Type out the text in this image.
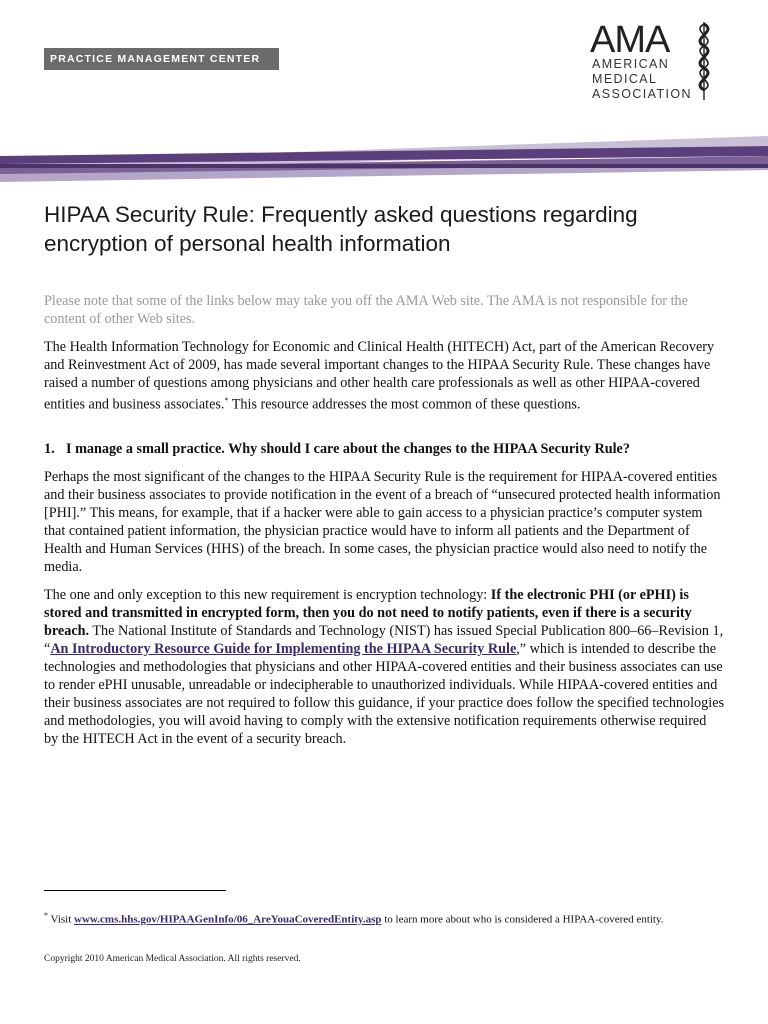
PRACTICE MANAGEMENT CENTER	AMA
AMERICAN
MEDICAL
ASSOCIATION
HIPAA Security Rule: Frequently asked questions regarding encryption of personal health information

Please note that some of the links below may take you off the AMA Web site. The AMA is not responsible for the content of other Web sites.

The Health Information Technology for Economic and Clinical Health (HITECH) Act, part of the American Recovery and Reinvestment Act of 2009, has made several important changes to the HIPAA Security Rule. These changes have raised a number of questions among physicians and other health care professionals as well as other HIPAA-covered entities and business associates.* This resource addresses the most common of these questions.

1. I manage a small practice. Why should I care about the changes to the HIPAA Security Rule?

Perhaps the most significant of the changes to the HIPAA Security Rule is the requirement for HIPAA-covered entities and their business associates to provide notification in the event of a breach of “unsecured protected health information [PHI].” This means, for example, that if a hacker were able to gain access to a physician practice’s computer system that contained patient information, the physician practice would have to inform all patients and the Department of Health and Human Services (HHS) of the breach. In some cases, the physician practice would also need to notify the media.

The one and only exception to this new requirement is encryption technology: If the electronic PHI (or ePHI) is stored and transmitted in encrypted form, then you do not need to notify patients, even if there is a security breach. The National Institute of Standards and Technology (NIST) has issued Special Publication 800–66–Revision 1, “An Introductory Resource Guide for Implementing the HIPAA Security Rule,” which is intended to describe the technologies and methodologies that physicians and other HIPAA-covered entities and their business associates can use to render ePHI unusable, unreadable or indecipherable to unauthorized individuals. While HIPAA-covered entities and their business associates are not required to follow this guidance, if your practice does follow the specified technologies and methodologies, you will avoid having to comply with the extensive notification requirements otherwise required by the HITECH Act in the event of a security breach.

* Visit www.cms.hhs.gov/HIPAAGenInfo/06_AreYouaCoveredEntity.asp to learn more about who is considered a HIPAA-covered entity.
Copyright 2010 American Medical Association. All rights reserved.
